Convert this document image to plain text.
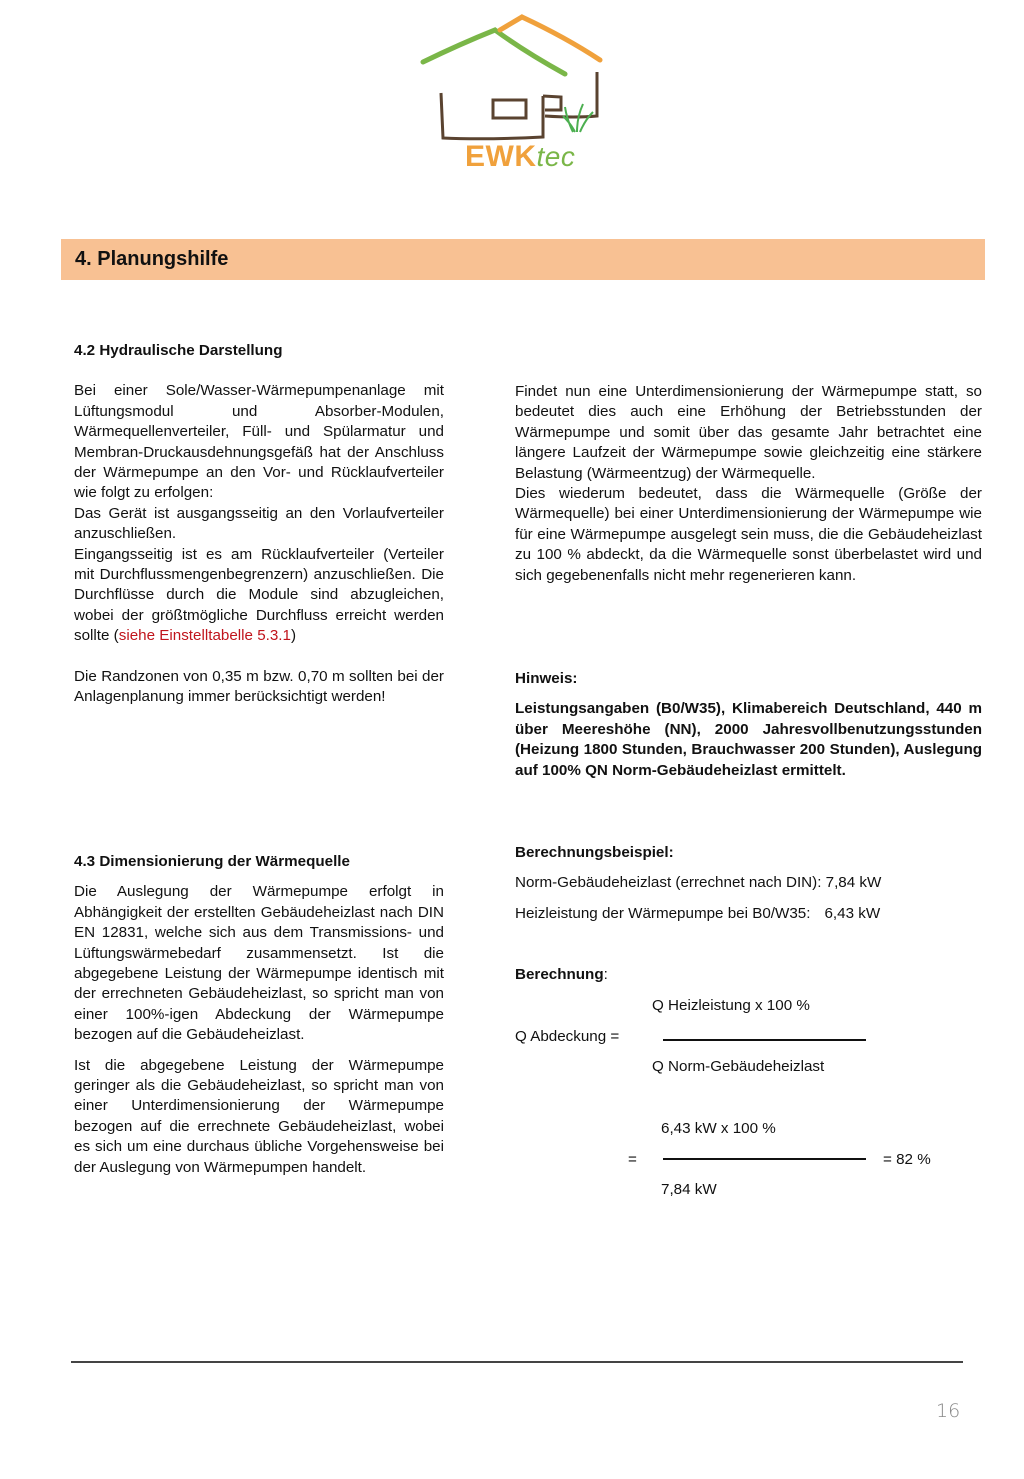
EWKtec
4. Planungshilfe
4.2 Hydraulische Darstellung

Bei einer Sole/Wasser-Wärmepumpenanlage mit Lüftungsmodul und Absorber-Modulen, Wärmequellenverteiler, Füll- und Spülarmatur und Membran-Druckausdehnungsgefäß hat der Anschluss der Wärmepumpe an den Vor- und Rücklaufverteiler wie folgt zu erfolgen:

Das Gerät ist ausgangsseitig an den Vorlaufverteiler anzuschließen.

Eingangsseitig ist es am Rücklaufverteiler (Verteiler mit Durchflussmengenbegrenzern) anzuschließen. Die Durchflüsse durch die Module sind abzugleichen, wobei der größtmögliche Durchfluss erreicht werden sollte (siehe Einstelltabelle 5.3.1)

Die Randzonen von 0,35 m bzw. 0,70 m sollten bei der Anlagenplanung immer berücksichtigt werden!

4.3 Dimensionierung der Wärmequelle

Die Auslegung der Wärmepumpe erfolgt in Abhängigkeit der erstellten Gebäudeheizlast nach DIN EN 12831, welche sich aus dem Transmissions- und Lüftungswärmebedarf zusammensetzt. Ist die abgegebene Leistung der Wärmepumpe identisch mit der errechneten Gebäudeheizlast, so spricht man von einer 100%-igen Abdeckung der Wärmepumpe bezogen auf die Gebäudeheizlast.

Ist die abgegebene Leistung der Wärmepumpe geringer als die Gebäudeheizlast, so spricht man von einer Unterdimensionierung der Wärmepumpe bezogen auf die errechnete Gebäudeheizlast, wobei es sich um eine durchaus übliche Vorgehensweise bei der Auslegung von Wärmepumpen handelt.

Findet nun eine Unterdimensionierung der Wärmepumpe statt, so bedeutet dies auch eine Erhöhung der Betriebsstunden der Wärmepumpe und somit über das gesamte Jahr betrachtet eine längere Laufzeit der Wärmepumpe sowie gleichzeitig eine stärkere Belastung (Wärmeentzug) der Wärmequelle.

Dies wiederum bedeutet, dass die Wärmequelle (Größe der Wärmequelle) bei einer Unterdimensionierung der Wärmepumpe wie für eine Wärmepumpe ausgelegt sein muss, die die Gebäudeheizlast zu 100 % abdeckt, da die Wärmequelle sonst überbelastet wird und sich gegebenenfalls nicht mehr regenerieren kann.

Hinweis:

Leistungsangaben (B0/W35), Klimabereich Deutschland, 440 m über Meereshöhe (NN), 2000 Jahresvollbenutzungsstunden (Heizung 1800 Stunden, Brauchwasser 200 Stunden), Auslegung auf 100% QN Norm-Gebäudeheizlast ermittelt.

Berechnungsbeispiel:

Norm-Gebäudeheizlast (errechnet nach DIN): 7,84 kW

Heizleistung der Wärmepumpe bei B0/W35: 6,43 kW

Berechnung:
Q Heizleistung x 100 %
Q Abdeckung =
Q Norm-Gebäudeheizlast
6,43 kW x 100 %
=	= 82 %
7,84 kW
16
